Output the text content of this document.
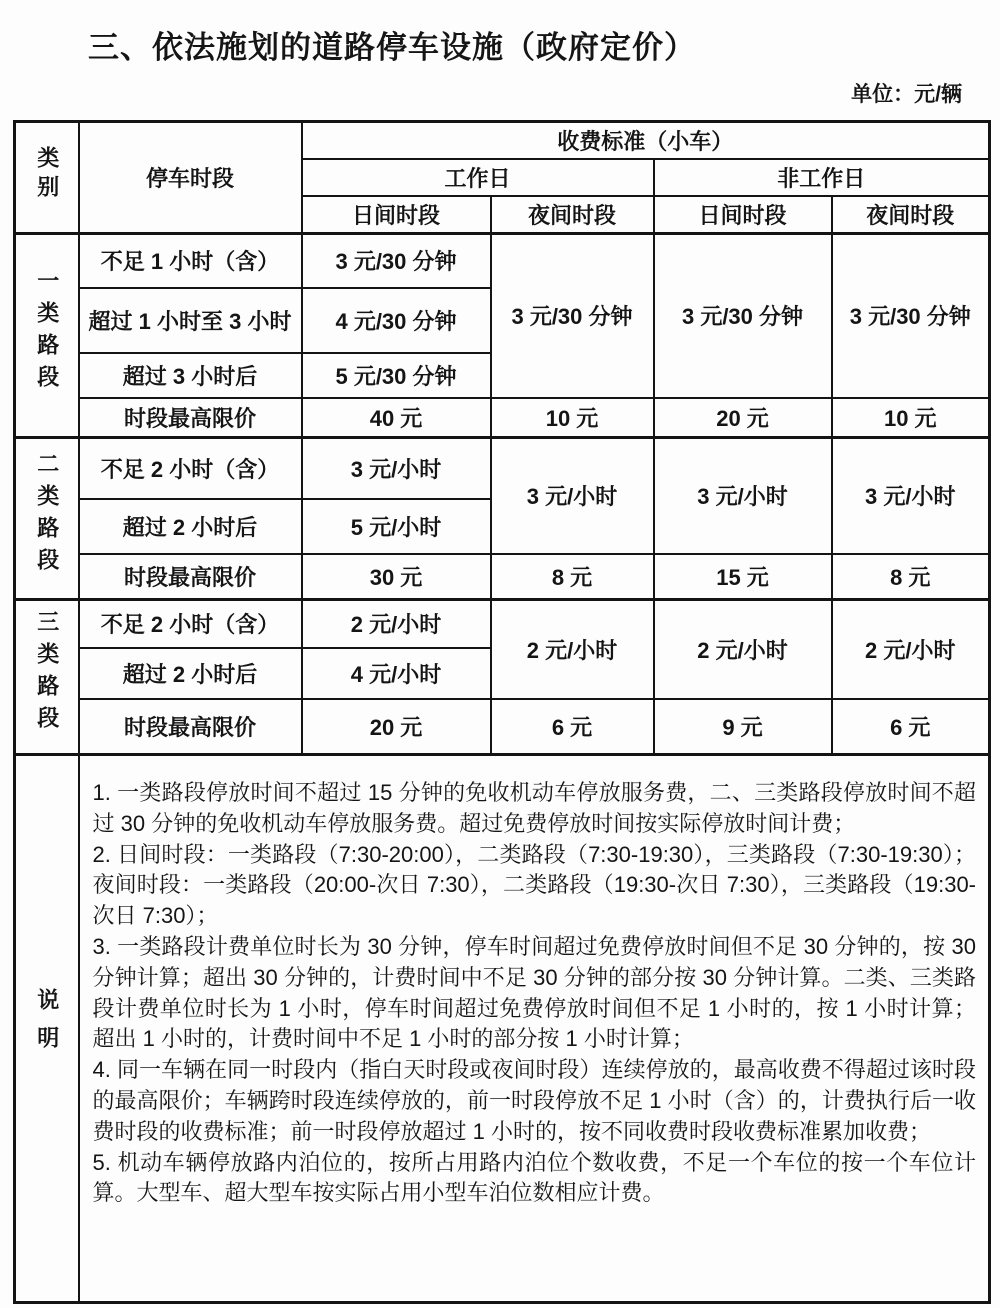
三、依法施划的道路停车设施（政府定价）
单位：元/辆
类别	停车时段	收费标准（小车）			
		工作日		非工作日	
		日间时段	夜间时段	日间时段	夜间时段
一类路段	不足 1 小时（含）	3 元/30 分钟	3 元/30 分钟	3 元/30 分钟	3 元/30 分钟
	超过 1 小时至 3 小时	4 元/30 分钟			
	超过 3 小时后	5 元/30 分钟			
	时段最高限价	40 元	10 元	20 元	10 元
二类路段	不足 2 小时（含）	3 元/小时	3 元/小时	3 元/小时	3 元/小时
	超过 2 小时后	5 元/小时			
	时段最高限价	30 元	8 元	15 元	8 元
三类路段	不足 2 小时（含）	2 元/小时	2 元/小时	2 元/小时	2 元/小时
	超过 2 小时后	4 元/小时			
	时段最高限价	20 元	6 元	9 元	6 元
说明	1. 一类路段停放时间不超过 15 分钟的免收机动车停放服务费，二、三类路段停放时间不超过 30 分钟的免收机动车停放服务费。超过免费停放时间按实际停放时间计费；

2. 日间时段：一类路段（7:30-20:00），二类路段（7:30-19:30），三类路段（7:30-19:30）；夜间时段：一类路段（20:00-次日 7:30），二类路段（19:30-次日 7:30），三类路段（19:30-次日 7:30）；

3. 一类路段计费单位时长为 30 分钟，停车时间超过免费停放时间但不足 30 分钟的，按 30 分钟计算；超出 30 分钟的，计费时间中不足 30 分钟的部分按 30 分钟计算。二类、三类路段计费单位时长为 1 小时，停车时间超过免费停放时间但不足 1 小时的，按 1 小时计算；超出 1 小时的，计费时间中不足 1 小时的部分按 1 小时计算；

4. 同一车辆在同一时段内（指白天时段或夜间时段）连续停放的，最高收费不得超过该时段的最高限价；车辆跨时段连续停放的，前一时段停放不足 1 小时（含）的，计费执行后一收费时段的收费标准；前一时段停放超过 1 小时的，按不同收费时段收费标准累加收费；

5. 机动车辆停放路内泊位的，按所占用路内泊位个数收费，不足一个车位的按一个车位计算。大型车、超大型车按实际占用小型车泊位数相应计费。				
